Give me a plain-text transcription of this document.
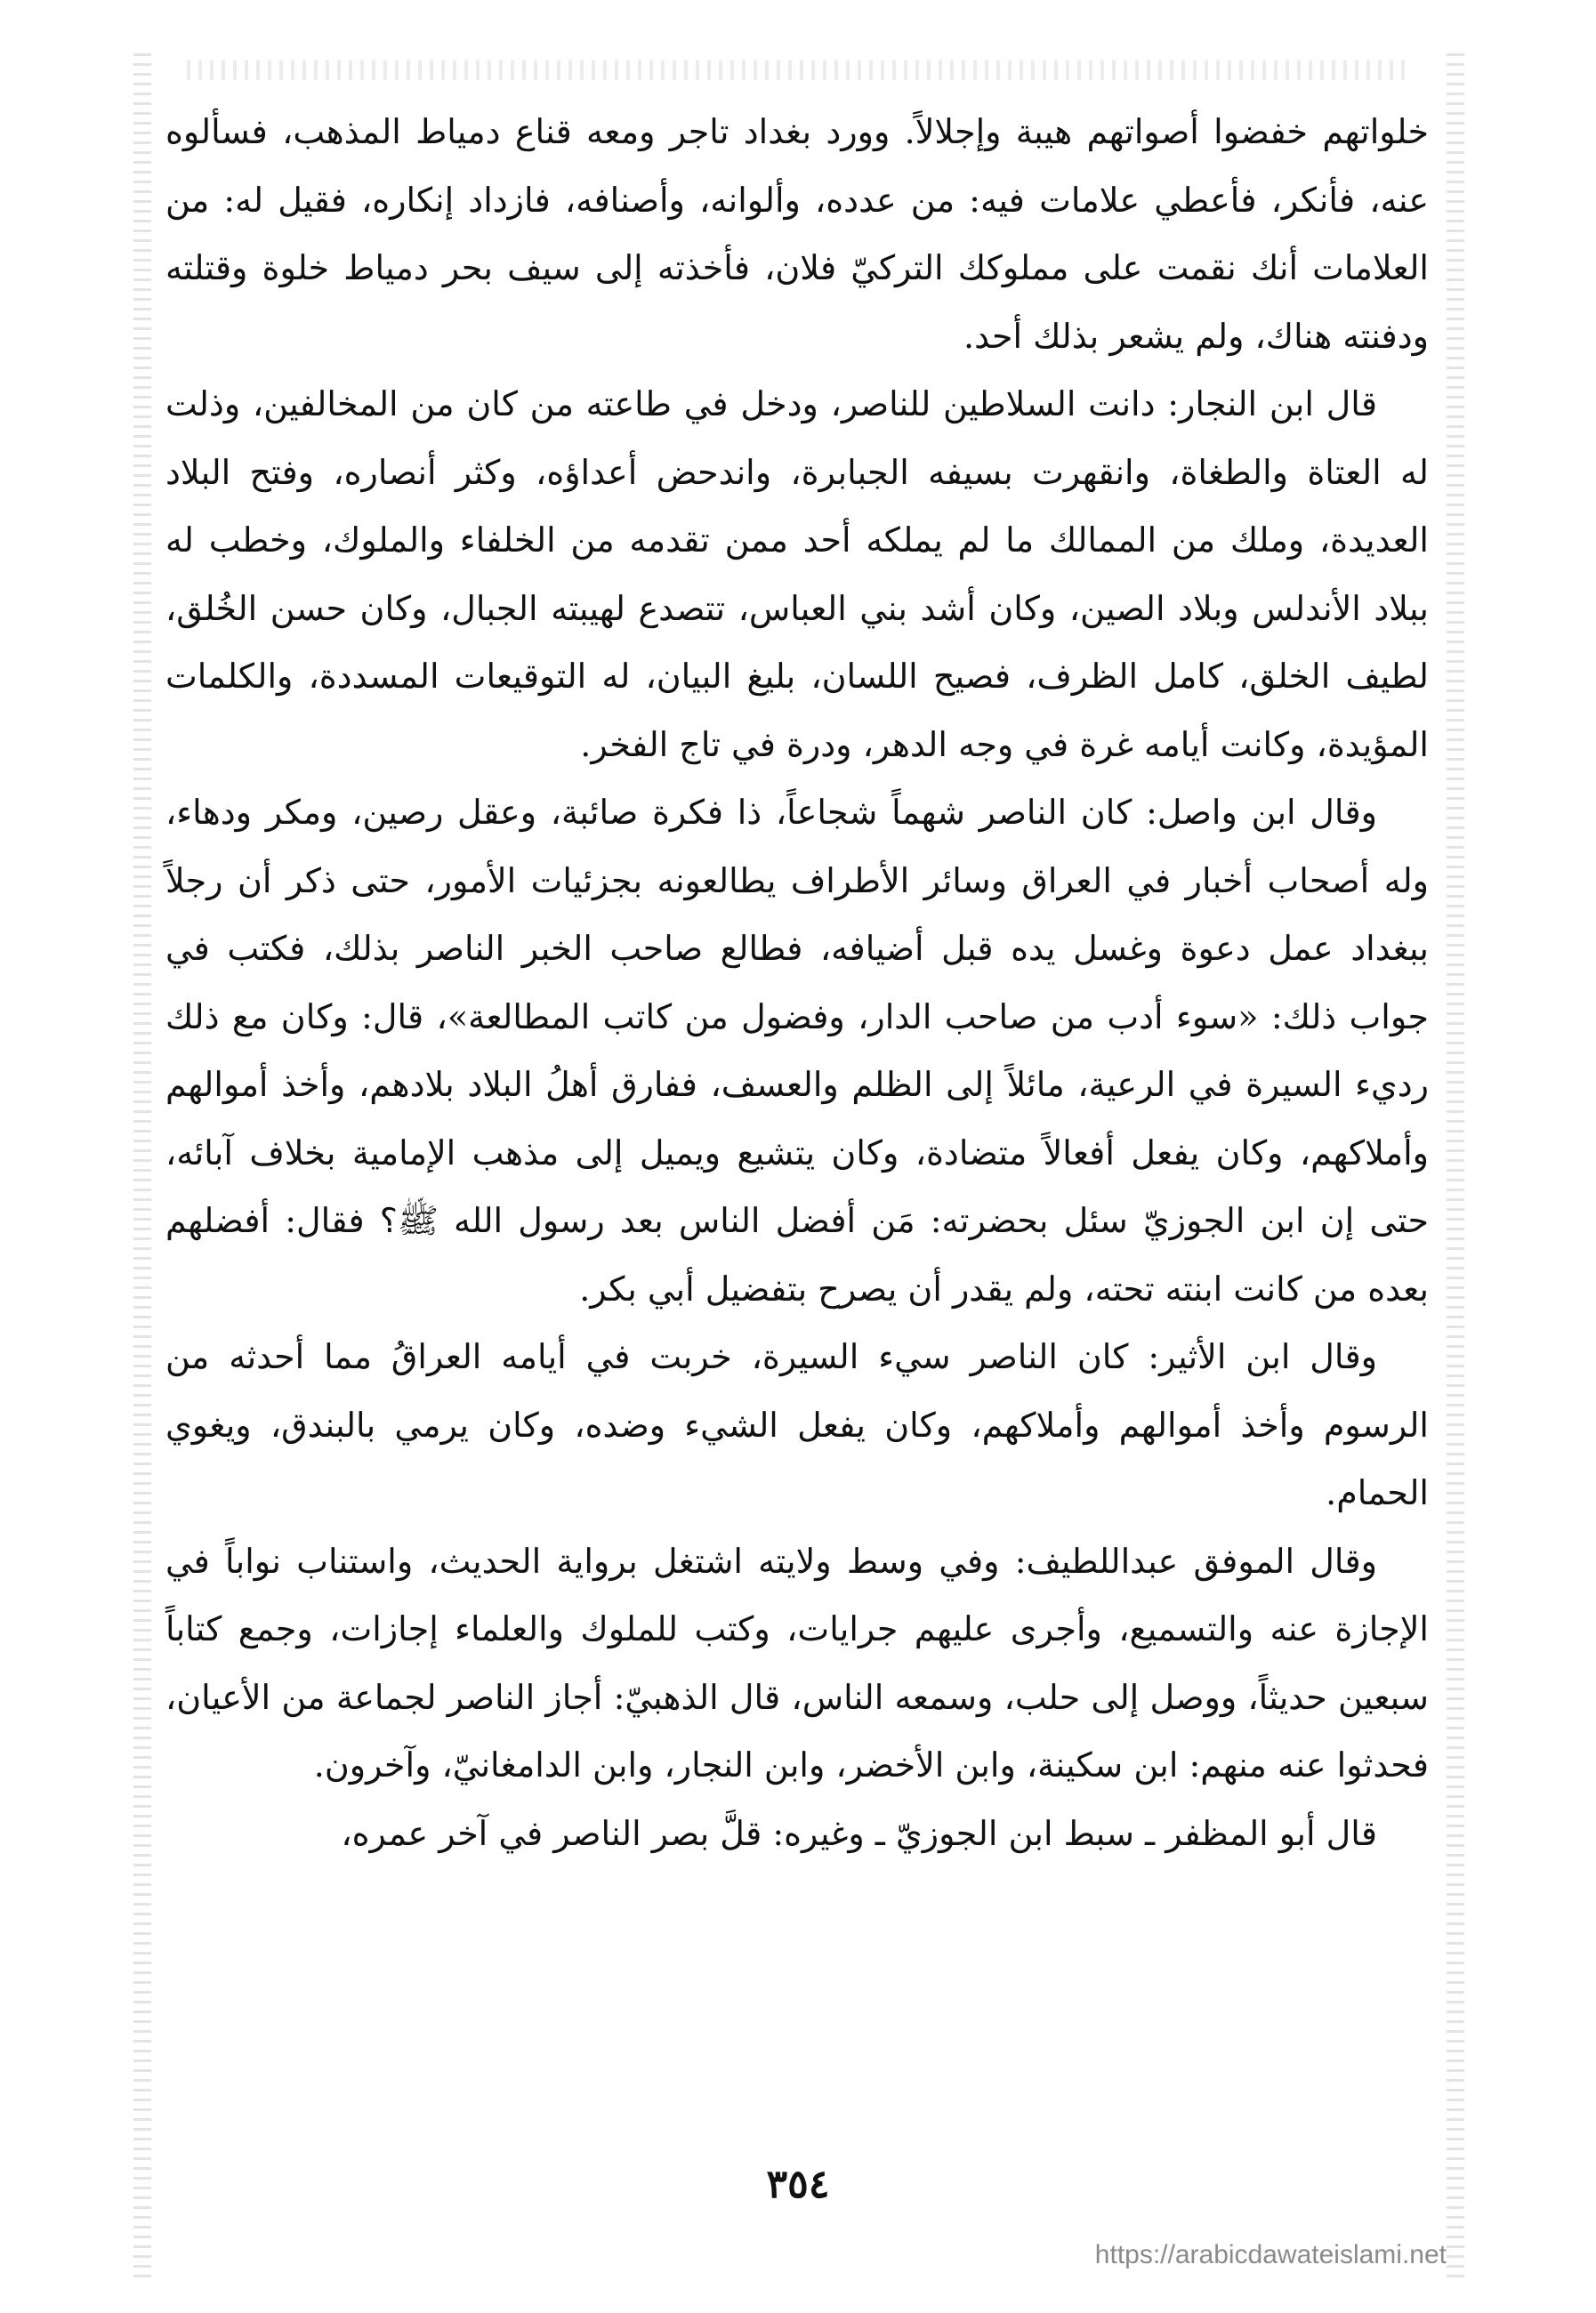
خلواتهم خفضوا أصواتهم هيبة وإجلالاً. وورد بغداد تاجر ومعه قناع دمياط المذهب، فسألوه عنه، فأنكر، فأعطي علامات فيه: من عدده، وألوانه، وأصنافه، فازداد إنكاره، فقيل له: من العلامات أنك نقمت على مملوكك التركيّ فلان، فأخذته إلى سيف بحر دمياط خلوة وقتلته ودفنته هناك، ولم يشعر بذلك أحد.

قال ابن النجار: دانت السلاطين للناصر، ودخل في طاعته من كان من المخالفين، وذلت له العتاة والطغاة، وانقهرت بسيفه الجبابرة، واندحض أعداؤه، وكثر أنصاره، وفتح البلاد العديدة، وملك من الممالك ما لم يملكه أحد ممن تقدمه من الخلفاء والملوك، وخطب له ببلاد الأندلس وبلاد الصين، وكان أشد بني العباس، تتصدع لهيبته الجبال، وكان حسن الخُلق، لطيف الخلق، كامل الظرف، فصيح اللسان، بليغ البيان، له التوقيعات المسددة، والكلمات المؤيدة، وكانت أيامه غرة في وجه الدهر، ودرة في تاج الفخر.

وقال ابن واصل: كان الناصر شهماً شجاعاً، ذا فكرة صائبة، وعقل رصين، ومكر ودهاء، وله أصحاب أخبار في العراق وسائر الأطراف يطالعونه بجزئيات الأمور، حتى ذكر أن رجلاً ببغداد عمل دعوة وغسل يده قبل أضيافه، فطالع صاحب الخبر الناصر بذلك، فكتب في جواب ذلك: «سوء أدب من صاحب الدار، وفضول من كاتب المطالعة»، قال: وكان مع ذلك رديء السيرة في الرعية، مائلاً إلى الظلم والعسف، ففارق أهلُ البلاد بلادهم، وأخذ أموالهم وأملاكهم، وكان يفعل أفعالاً متضادة، وكان يتشيع ويميل إلى مذهب الإمامية بخلاف آبائه، حتى إن ابن الجوزيّ سئل بحضرته: مَن أفضل الناس بعد رسول الله ﷺ؟ فقال: أفضلهم بعده من كانت ابنته تحته، ولم يقدر أن يصرح بتفضيل أبي بكر.

وقال ابن الأثير: كان الناصر سيء السيرة، خربت في أيامه العراقُ مما أحدثه من الرسوم وأخذ أموالهم وأملاكهم، وكان يفعل الشيء وضده، وكان يرمي بالبندق، ويغوي الحمام.

وقال الموفق عبداللطيف: وفي وسط ولايته اشتغل برواية الحديث، واستناب نواباً في الإجازة عنه والتسميع، وأجرى عليهم جرايات، وكتب للملوك والعلماء إجازات، وجمع كتاباً سبعين حديثاً، ووصل إلى حلب، وسمعه الناس، قال الذهبيّ: أجاز الناصر لجماعة من الأعيان، فحدثوا عنه منهم: ابن سكينة، وابن الأخضر، وابن النجار، وابن الدامغانيّ، وآخرون.

قال أبو المظفر ـ سبط ابن الجوزيّ ـ وغيره: قلَّ بصر الناصر في آخر عمره،

٣٥٤
https://arabicdawateislami.net
